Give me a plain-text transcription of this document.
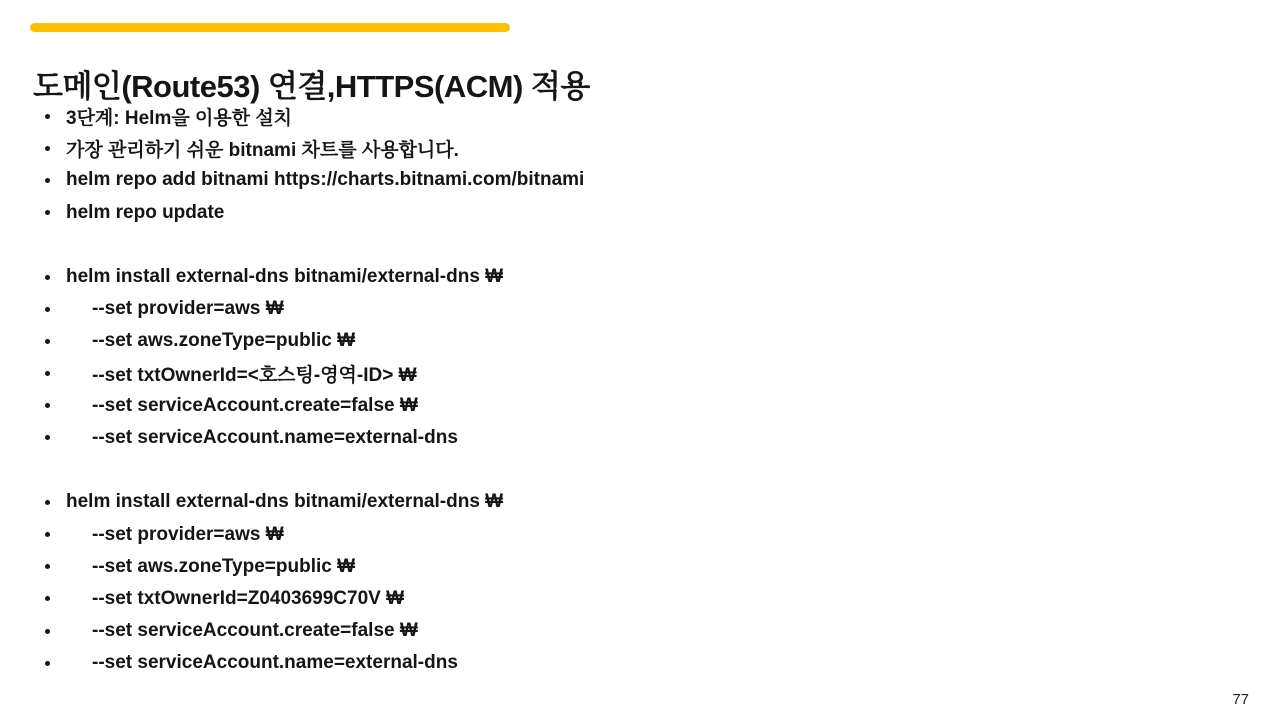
도메인(Route53) 연결,HTTPS(ACM) 적용
3단계: Helm을 이용한 설치
가장 관리하기 쉬운 bitnami 차트를 사용합니다.
helm repo add bitnami https://charts.bitnami.com/bitnami
helm repo update
helm install external-dns bitnami/external-dns ₩
--set provider=aws ₩
--set aws.zoneType=public ₩
--set txtOwnerId=<호스팅-영역-ID> ₩
--set serviceAccount.create=false ₩
--set serviceAccount.name=external-dns
helm install external-dns bitnami/external-dns ₩
--set provider=aws ₩
--set aws.zoneType=public ₩
--set txtOwnerId=Z0403699C70V ₩
--set serviceAccount.create=false ₩
--set serviceAccount.name=external-dns
77
